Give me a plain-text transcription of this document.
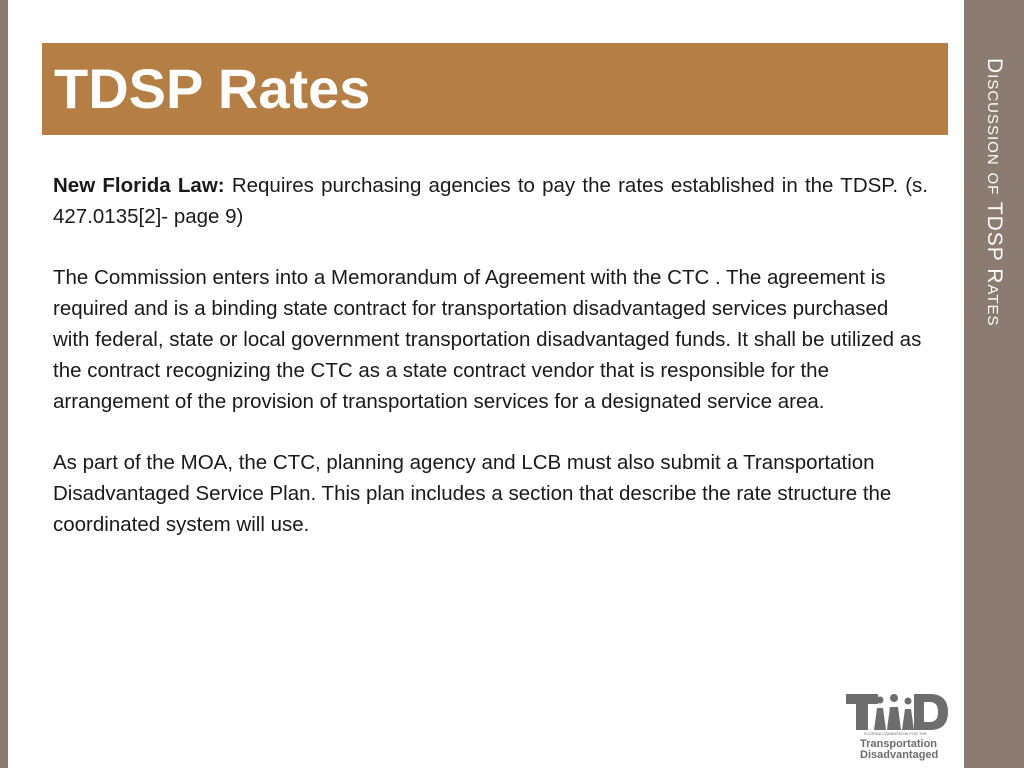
Discussion of TDSP Rates
TDSP Rates

New Florida Law: Requires purchasing agencies to pay the rates established in the TDSP. (s. 427.0135[2]- page 9)

The Commission enters into a Memorandum of Agreement with the CTC . The agreement is required and is a binding state contract for transportation disadvantaged services purchased with federal, state or local government transportation disadvantaged funds. It shall be utilized as the contract recognizing the CTC as a state contract vendor that is responsible for the arrangement of the provision of transportation services for a designated service area.

As part of the MOA, the CTC, planning agency and LCB must also submit a Transportation Disadvantaged Service Plan. This plan includes a section that describe the rate structure the coordinated system will use.

FLORIDA COMMISSION FOR THE
Transportation
Disadvantaged
